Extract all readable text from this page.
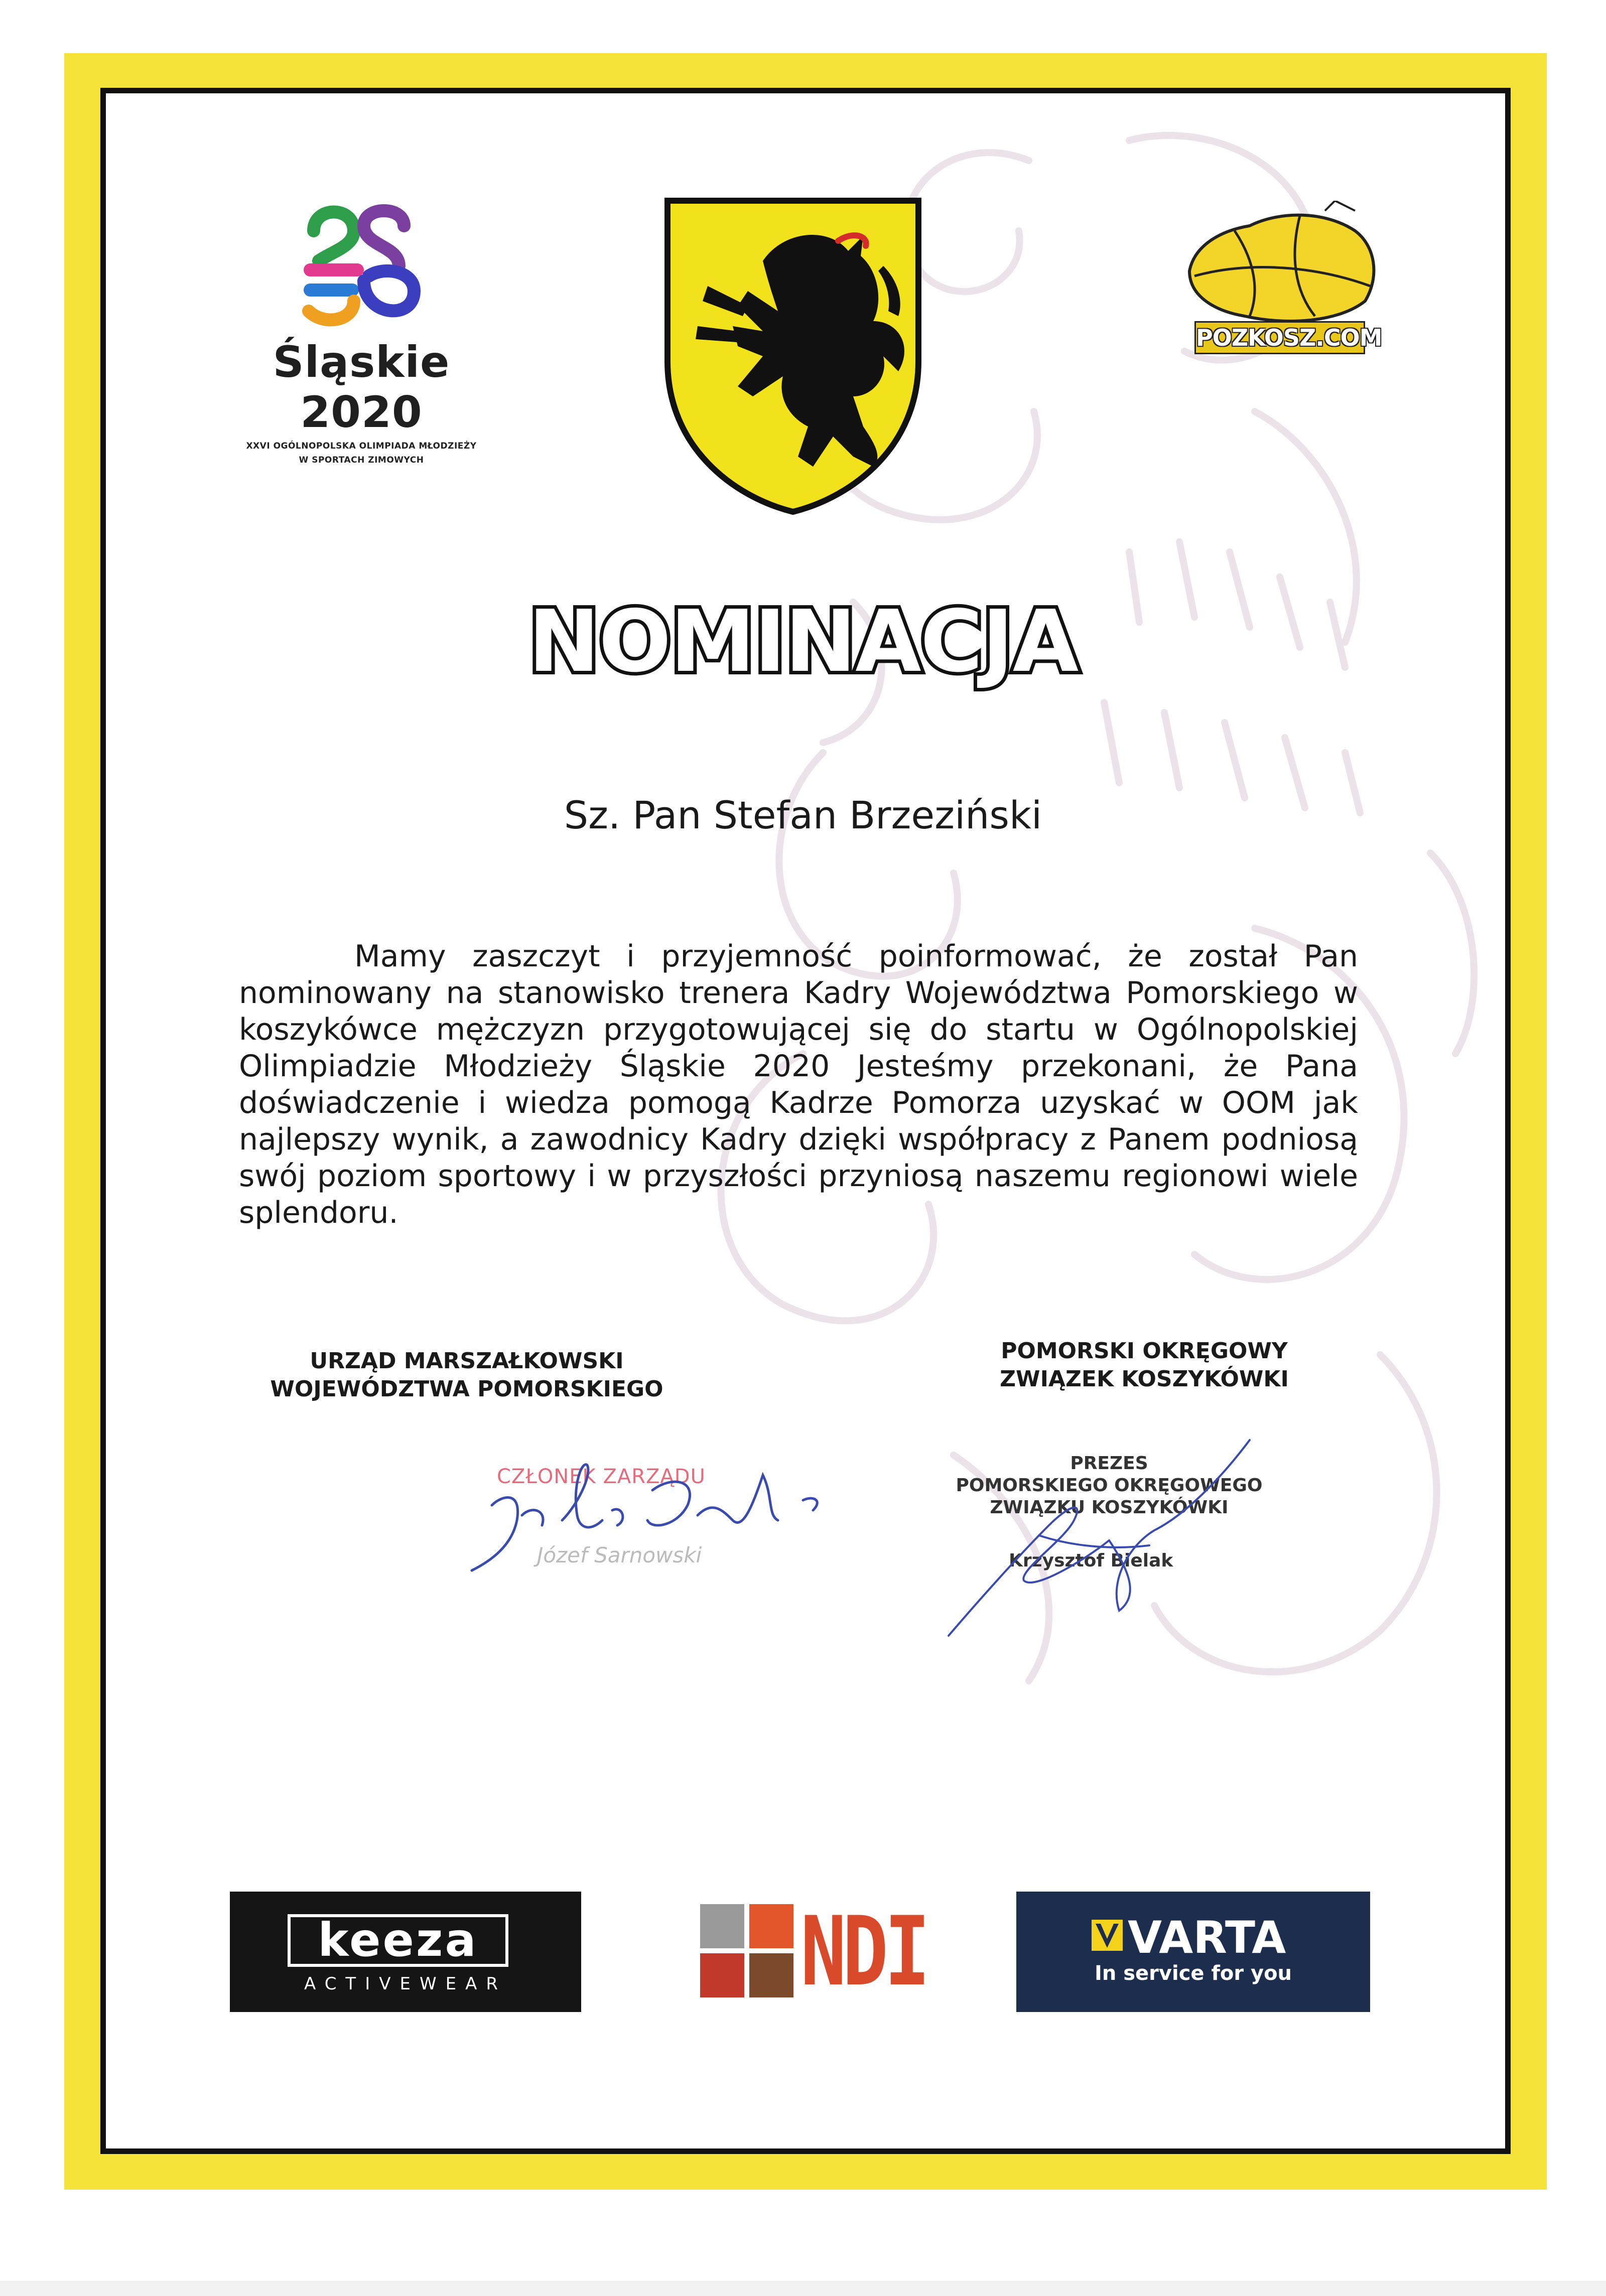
Śląskie 2020
XXVI OGÓLNOPOLSKA OLIMPIADA MŁODZIEŻY
W SPORTACH ZIMOWYCH
POZKOSZ.COM
NOMINACJA
Sz. Pan Stefan Brzeziński
Mamy zaszczyt i przyjemność poinformować, że został Pan nominowany na stanowisko trenera Kadry Województwa Pomorskiego w koszykówce mężczyzn przygotowującej się do startu w Ogólnopolskiej Olimpiadzie Młodzieży Śląskie 2020 Jesteśmy przekonani, że Pana doświadczenie i wiedza pomogą Kadrze Pomorza uzyskać w OOM jak najlepszy wynik, a zawodnicy Kadry dzięki współpracy z Panem podniosą swój poziom sportowy i w przyszłości przyniosą naszemu regionowi wiele splendoru.
URZĄD MARSZAŁKOWSKI
WOJEWÓDZTWA POMORSKIEGO
CZŁONEK ZARZĄDU
Józef Sarnowski
POMORSKI OKRĘGOWY
ZWIĄZEK KOSZYKÓWKI
PREZES
POMORSKIEGO OKRĘGOWEGO
ZWIĄZKU KOSZYKÓWKI
Krzysztof Bielak
keeza
ACTIVEWEAR	NDI	VARTA
In service for you
